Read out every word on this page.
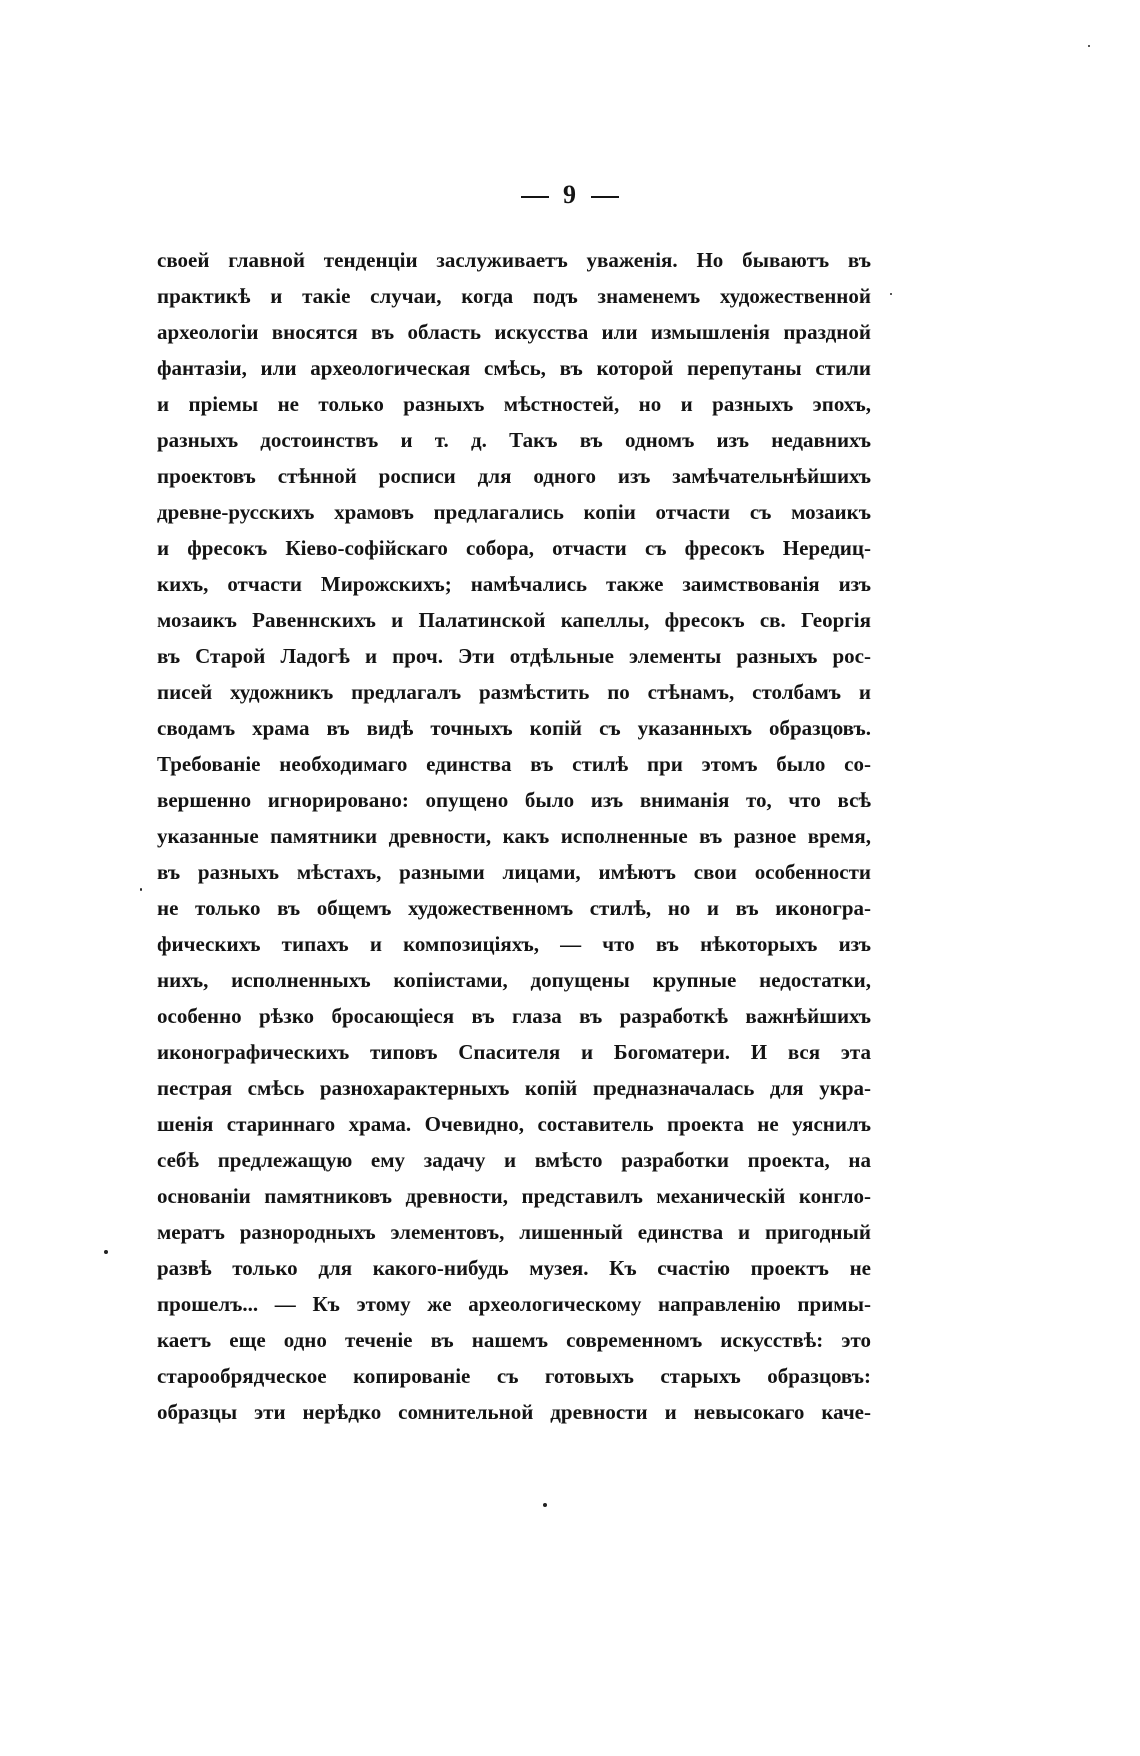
9
своей главной тенденціи заслуживаетъ уваженія. Но бываютъ въ
практикѣ и такіе случаи, когда подъ знаменемъ художественной
археологіи вносятся въ область искусства или измышленія праздной
фантазіи, или археологическая смѣсь, въ которой перепутаны стили
и пріемы не только разныхъ мѣстностей, но и разныхъ эпохъ,
разныхъ достоинствъ и т. д. Такъ въ одномъ изъ недавнихъ
проектовъ стѣнной росписи для одного изъ замѣчательнѣйшихъ
древне-русскихъ храмовъ предлагались копіи отчасти съ мозаикъ
и фресокъ Кіево-софійскаго собора, отчасти съ фресокъ Нередиц-
кихъ, отчасти Мирожскихъ; намѣчались также заимствованія изъ
мозаикъ Равеннскихъ и Палатинской капеллы, фресокъ св. Георгія
въ Старой Ладогѣ и проч. Эти отдѣльные элементы разныхъ рос-
писей художникъ предлагалъ размѣстить по стѣнамъ, столбамъ и
сводамъ храма въ видѣ точныхъ копій съ указанныхъ образцовъ.
Требованіе необходимаго единства въ стилѣ при этомъ было со-
вершенно игнорировано: опущено было изъ вниманія то, что всѣ
указанные памятники древности, какъ исполненные въ разное время,
въ разныхъ мѣстахъ, разными лицами, имѣютъ свои особенности
не только въ общемъ художественномъ стилѣ, но и въ иконогра-
фическихъ типахъ и композиціяхъ, — что въ нѣкоторыхъ изъ
нихъ, исполненныхъ копіистами, допущены крупные недостатки,
особенно рѣзко бросающіеся въ глаза въ разработкѣ важнѣйшихъ
иконографическихъ типовъ Спасителя и Богоматери. И вся эта
пестрая смѣсь разнохарактерныхъ копій предназначалась для укра-
шенія стариннаго храма. Очевидно, составитель проекта не уяснилъ
себѣ предлежащую ему задачу и вмѣсто разработки проекта, на
основаніи памятниковъ древности, представилъ механическій конгло-
мератъ разнородныхъ элементовъ, лишенный единства и пригодный
развѣ только для какого-нибудь музея. Къ счастію проектъ не
прошелъ... — Къ этому же археологическому направленію примы-
каетъ еще одно теченіе въ нашемъ современномъ искусствѣ: это
старообрядческое копированіе съ готовыхъ старыхъ образцовъ:
образцы эти нерѣдко сомнительной древности и невысокаго каче-
